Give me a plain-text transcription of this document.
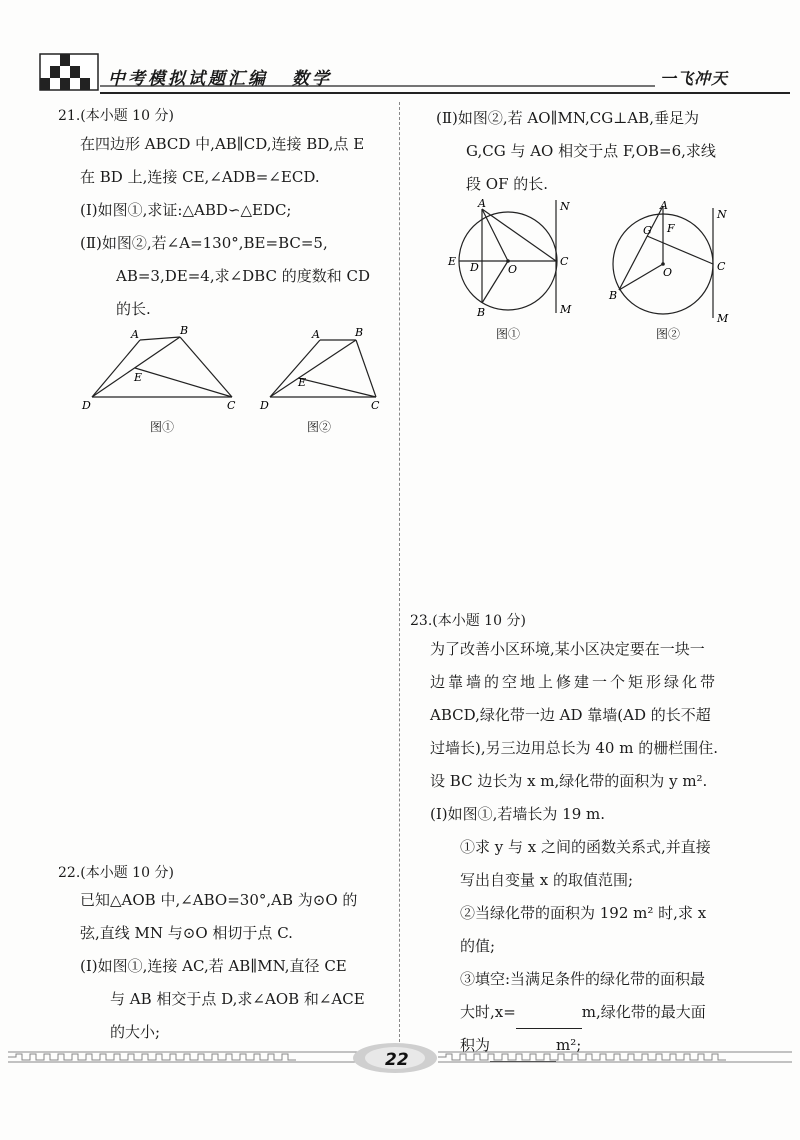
中考模拟试题汇编 数学	一飞冲天
21.(本小题 10 分)

在四边形 ABCD 中,AB∥CD,连接 BD,点 E

在 BD 上,连接 CE,∠ADB=∠ECD.

(Ⅰ)如图①,求证:△ABD∽△EDC;

(Ⅱ)如图②,若∠A=130°,BE=BC=5,

AB=3,DE=4,求∠DBC 的度数和 CD

的长.

A	B
D	C
E
图①
A	B
D	C
E
图②

(Ⅱ)如图②,若 AO∥MN,CG⊥AB,垂足为

G,CG 与 AO 相交于点 F,OB=6,求线

段 OF 的长.

A	N
E D	O
C
B	M
图①
A
N
G F
O	C
B
M
图②
22.(本小题 10 分)

已知△AOB 中,∠ABO=30°,AB 为⊙O 的

弦,直线 MN 与⊙O 相切于点 C.

(Ⅰ)如图①,连接 AC,若 AB∥MN,直径 CE

与 AB 相交于点 D,求∠AOB 和∠ACE

的大小;

23.(本小题 10 分)

为了改善小区环境,某小区决定要在一块一

边靠墙的空地上修建一个矩形绿化带

ABCD,绿化带一边 AD 靠墙(AD 的长不超

过墙长),另三边用总长为 40 m 的栅栏围住.

设 BC 边长为 x m,绿化带的面积为 y m².

(Ⅰ)如图①,若墙长为 19 m.

①求 y 与 x 之间的函数关系式,并直接

写出自变量 x 的取值范围;

②当绿化带的面积为 192 m² 时,求 x

的值;

③填空:当满足条件的绿化带的面积最

大时,x=	m,绿化带的最大面

积为	m²;

22
